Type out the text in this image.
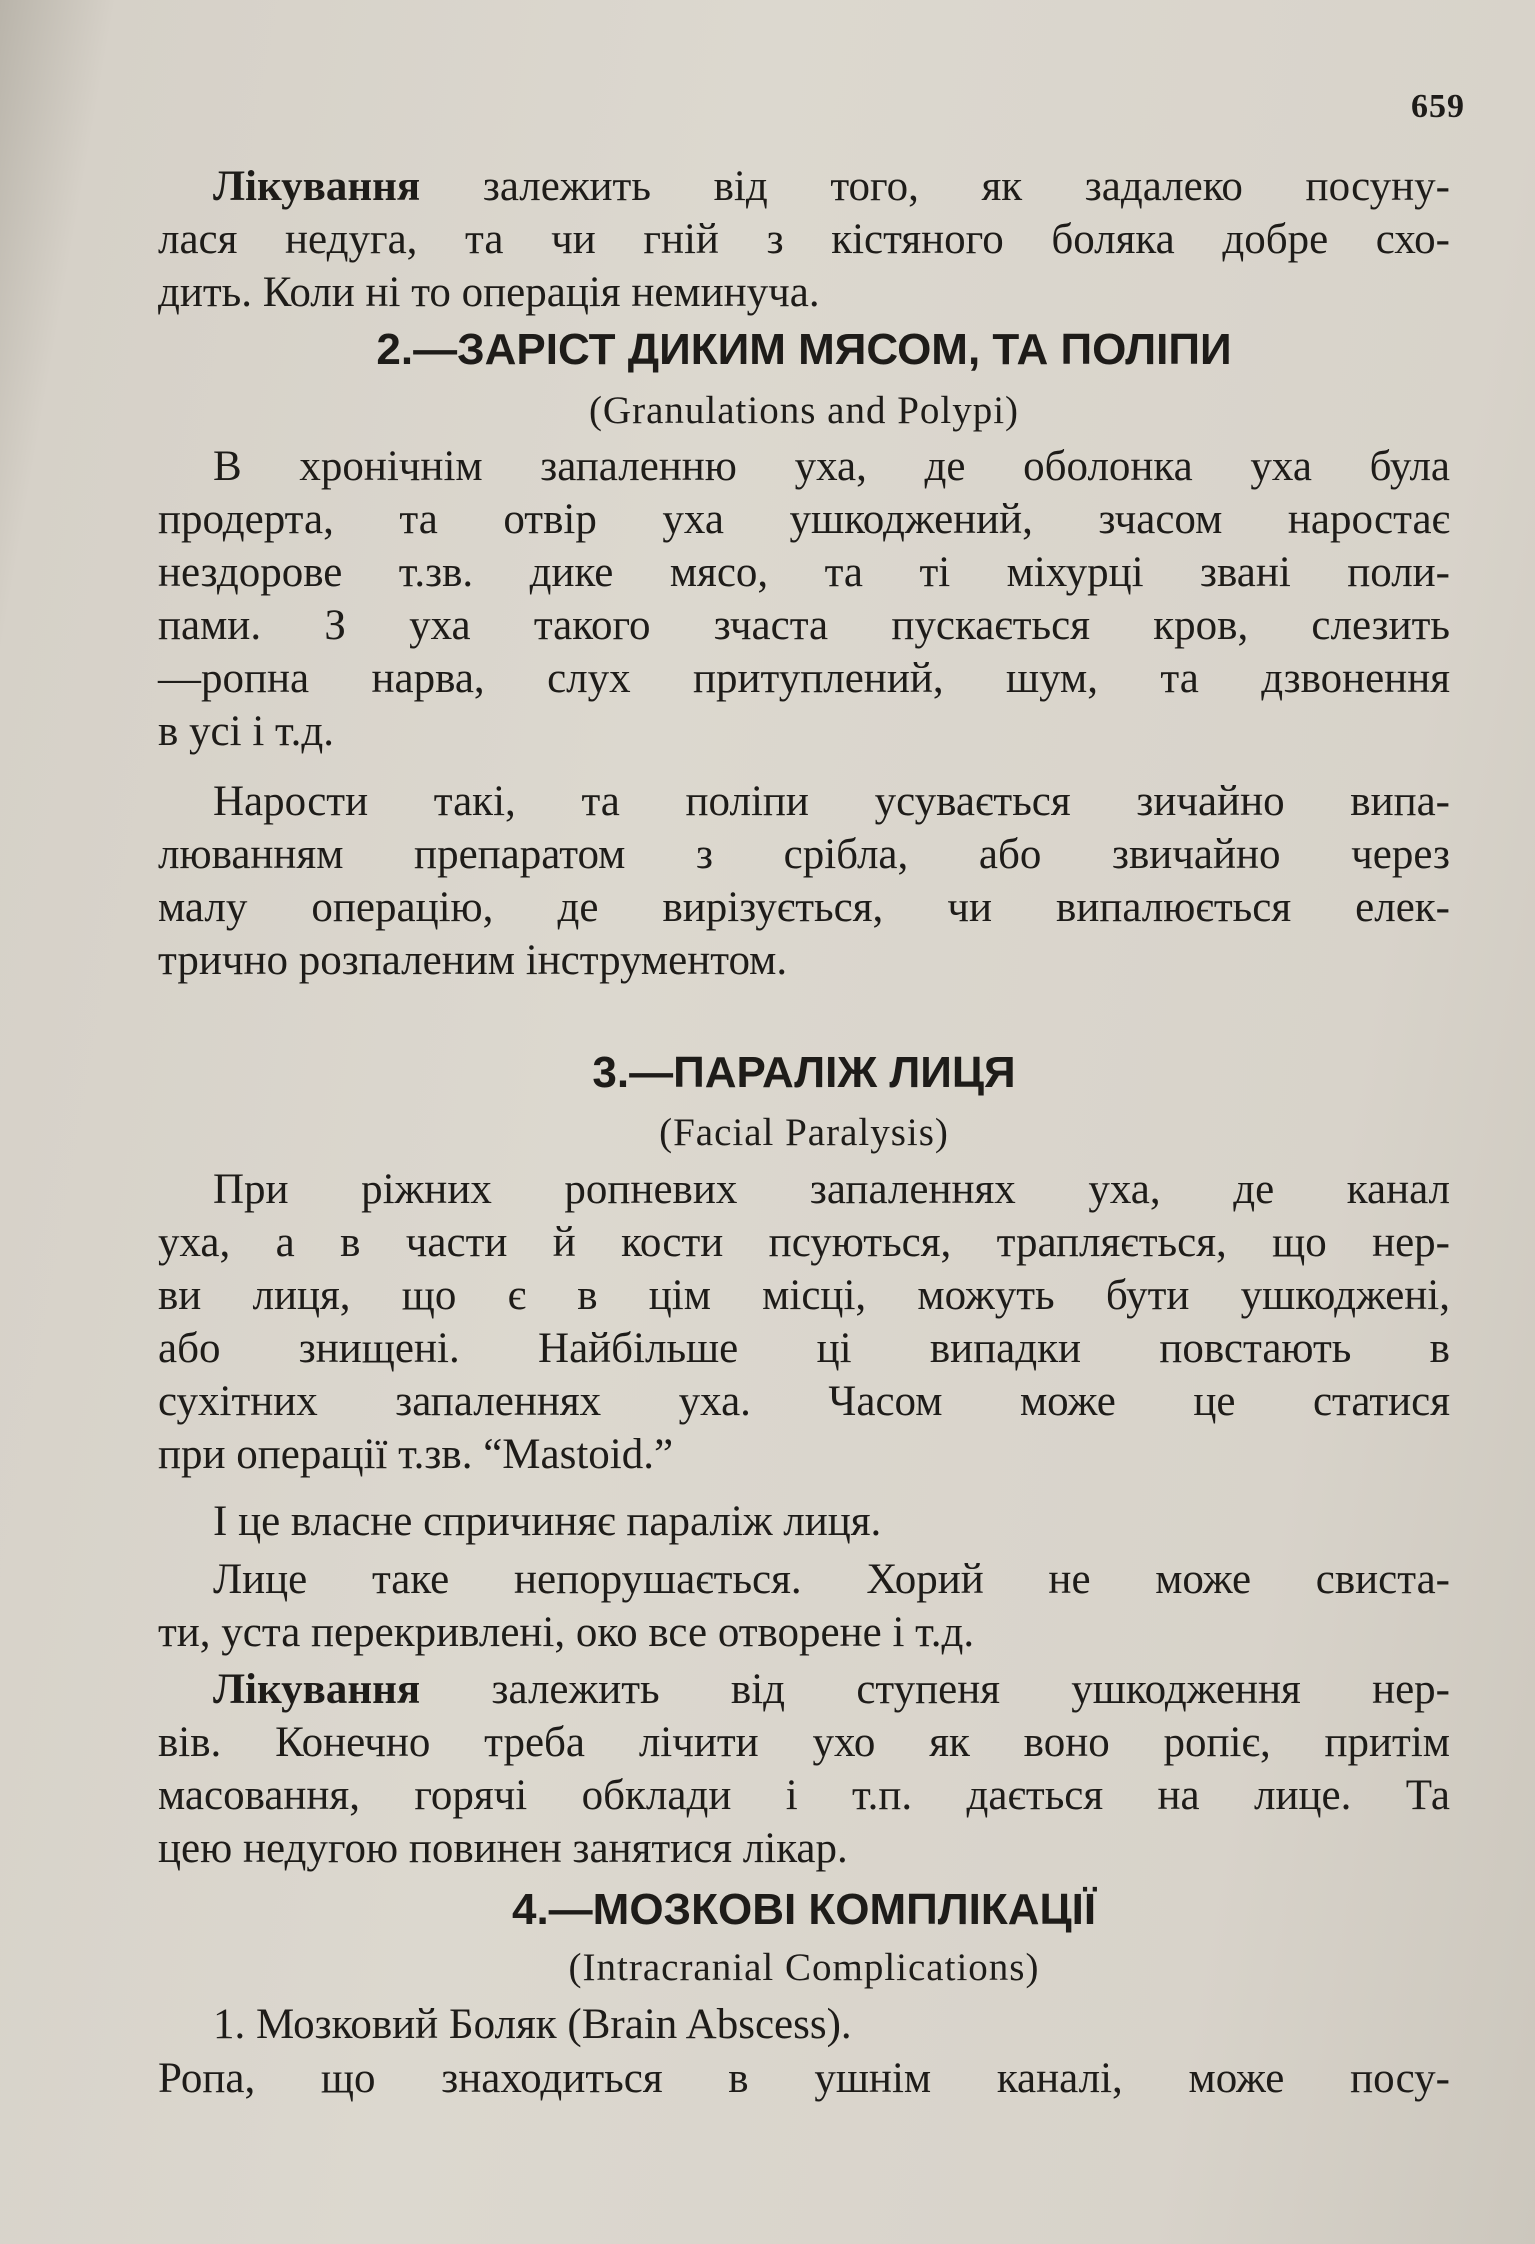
659
Лікування залежить від того, як задалеко посуну-
лася недуга, та чи гній з кістяного боляка добре схо-
дить. Коли ні то операція неминуча.
2.—ЗАРІСТ ДИКИМ МЯСОМ, ТА ПОЛІПИ
(Granulations and Polypi)
В хронічнім запаленню уха, де оболонка уха була
продерта, та отвір уха ушкоджений, зчасом наростає
нездорове т.зв. дике мясо, та ті міхурці звані поли-
пами. З уха такого зчаста пускається кров, слезить
—ропна нарва, слух притуплений, шум, та дзвонення
в усі і т.д.
Нарости такі, та поліпи усувається зичайно випа-
люванням препаратом з срібла, або звичайно через
малу операцію, де вирізується, чи випалюється елек-
трично розпаленим інструментом.
3.—ПАРАЛІЖ ЛИЦЯ
(Facial Paralysis)
При ріжних ропневих запаленнях уха, де канал
уха, а в части й кости псуються, трапляється, що нер-
ви лиця, що є в цім місці, можуть бути ушкоджені,
або знищені. Найбільше ці випадки повстають в
сухітних запаленнях уха. Часом може це статися
при операції т.зв. “Mastoid.”
І це власне спричиняє параліж лиця.
Лице таке непорушається. Хорий не може свиста-
ти, уста перекривлені, око все отворене і т.д.
Лікування залежить від ступеня ушкодження нер-
вів. Конечно треба лічити ухо як воно ропіє, притім
масовання, горячі обклади і т.п. дається на лице. Та
цею недугою повинен занятися лікар.
4.—МОЗКОВІ КОМПЛІКАЦІЇ
(Intracranial Complications)
1. Мозковий Боляк (Brain Abscess).
Ропа, що знаходиться в ушнім каналі, може посу-
